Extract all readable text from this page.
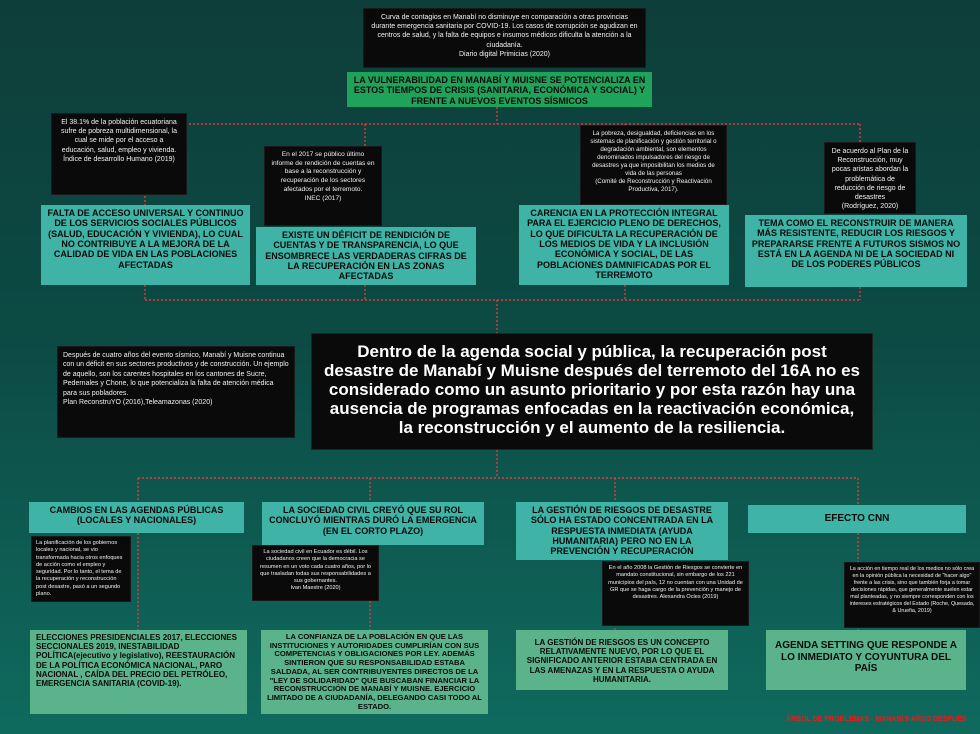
Curva de contagios en Manabí no disminuye en comparación a otras provincias durante emergencia sanitaria por COVID-19. Los casos de corrupción se agudizan en centros de salud, y la falta de equipos e insumos médicos dificulta la atención a la ciudadanía.
Diario digital Primicias (2020)
LA VULNERABILIDAD EN MANABÍ Y MUISNE SE POTENCIALIZA EN ESTOS TIEMPOS DE CRISIS (SANITARIA, ECONÓMICA Y SOCIAL) Y FRENTE A NUEVOS EVENTOS SÍSMICOS
El 38.1% de la población ecuatoriana sufre de pobreza multidimensional, la cual se mide por el acceso a educación, salud, empleo y vivienda.
Índice de desarrollo Humano (2019)
En el 2017 se público último informe de rendición de cuentas en base a la reconstrucción y recuperación de los sectores afectados por el terremoto.
INEC (2017)
La pobreza, desigualdad, deficiencias en los sistemas de planificación y gestión territorial o degradación ambiental, son elementos denominados impulsadores del riesgo de desastres ya que imposibilitan los medios de vida de las personas
(Comité de Reconstrucción y Reactivación Productiva, 2017).
De acuerdo al Plan de la Reconstrucción, muy pocas aristas abordan la problemática de reducción de riesgo de desastres
(Rodríguez, 2020)
FALTA DE ACCESO UNIVERSAL Y CONTINUO DE LOS SERVICIOS SOCIALES PÚBLICOS (SALUD, EDUCACIÓN Y VIVIENDA), LO CUAL NO CONTRIBUYE A LA MEJORA DE LA CALIDAD DE VIDA EN LAS POBLACIONES AFECTADAS
EXISTE UN DÉFICIT DE RENDICIÓN DE CUENTAS Y DE TRANSPARENCIA, LO QUE ENSOMBRECE LAS VERDADERAS CIFRAS DE LA RECUPERACIÓN EN LAS ZONAS AFECTADAS
CARENCIA EN LA PROTECCIÓN INTEGRAL PARA EL EJERCICIO PLENO DE DERECHOS, LO QUE DIFICULTA LA RECUPERACIÓN DE LOS MEDIOS DE VIDA Y LA INCLUSIÓN ECONÓMICA Y SOCIAL, DE LAS POBLACIONES DAMNIFICADAS POR EL TERREMOTO
TEMA COMO EL RECONSTRUIR DE MANERA MÁS RESISTENTE, REDUCIR LOS RIESGOS Y PREPARARSE FRENTE A FUTUROS SISMOS NO ESTÁ EN LA AGENDA NI DE LA SOCIEDAD NI DE LOS PODERES PÚBLICOS
Después de cuatro años del evento sísmico, Manabí y Muisne continua con un déficit en sus sectores productivos y de construcción. Un ejemplo de aquello, son los carentes hospitales en los cantones de Sucre, Pedernales y Chone, lo que potencializa la falta de atención médica para sus pobladores.
Plan ReconstruYO (2016),Teleamazonas (2020)
Dentro de la agenda social y pública, la recuperación post desastre de Manabí y Muisne después del terremoto del 16A no es considerado como un asunto prioritario y por esta razón hay una ausencia de programas enfocadas en la reactivación económica, la reconstrucción y el aumento de la resiliencia.
CAMBIOS EN LAS AGENDAS PÚBLICAS (LOCALES Y NACIONALES)
LA SOCIEDAD CIVIL CREYÓ QUE SU ROL CONCLUYÓ MIENTRAS DURÓ LA EMERGENCIA (EN EL CORTO PLAZO)
LA GESTIÓN DE RIESGOS DE DESASTRE SÓLO HA ESTADO CONCENTRADA EN LA RESPUESTA INMEDIATA (AYUDA HUMANITARIA) PERO NO EN LA PREVENCIÓN Y RECUPERACIÓN
EFECTO CNN
La planificación de los gobiernos locales y nacional, se vio transformada hacia otros enfoques de acción como el empleo y seguridad. Por lo tanto, el tema de la recuperación y reconstrucción post desastre, pasó a un segundo plano.
La sociedad civil en Ecuador es débil. Los ciudadanos creen que la democracia se resumen en un voto cada cuatro años, por lo que trasladan todas sus responsabilidades a sus gobernantes.
Ivan Maestre (2020)
En el año 2008 la Gestión de Riesgos se convierte en mandato constitucional, sin embargo de los 221 municipios del país, 12 no cuentan con una Unidad de GR que se haga cargo de la prevención y manejo de desastres. Alexandra Ocles (2019)
La acción en tiempo real de los medios no sólo crea en la opinión pública la necesidad de "hacer algo" frente a las crisis, sino que también forja a tomar decisiones rápidas, que generalmente suelen estar mal planteadas, y no siempre corresponden con los intereses estratégicos del Estado (Roche, Quesada, & Uruefia, 2019)
ELECCIONES PRESIDENCIALES 2017, ELECCIONES SECCIONALES 2019, INESTABILIDAD POLÍTICA(ejecutivo y legislativo), REESTAURACIÓN DE LA POLÍTICA ECONÓMICA NACIONAL, PARO NACIONAL , CAÍDA DEL PRECIO DEL PETRÓLEO, EMERGENCIA SANITARIA (COVID-19).
LA CONFIANZA DE LA POBLACIÓN EN QUE LAS INSTITUCIONES Y AUTORIDADES CUMPLIRÍAN CON SUS COMPETENCIAS Y OBLIGACIONES POR LEY. ADEMÁS SINTIERON QUE SU RESPONSABILIDAD ESTABA SALDADA, AL SER CONTRIBUYENTES DIRECTOS DE LA "LEY DE SOLIDARIDAD" QUE BUSCABAN FINANCIAR LA RECONSTRUCCIÓN DE MANABÍ Y MUISNE. EJERCICIO LIMITADO DE A CIUDADANÍA, DELEGANDO CASI TODO AL ESTADO.
LA GESTIÓN DE RIESGOS ES UN CONCEPTO RELATIVAMENTE NUEVO, POR LO QUE EL SIGNIFICADO ANTERIOR ESTABA CENTRADA EN LAS AMENAZAS Y EN LA RESPUESTA O AYUDA HUMANITARIA.
AGENDA SETTING QUE RESPONDE A LO INMEDIATO Y COYUNTURA DEL PAÍS
ÁRBOL DE PROBLEMAS - MANABÍ 5 AÑOS DESPUÉS
